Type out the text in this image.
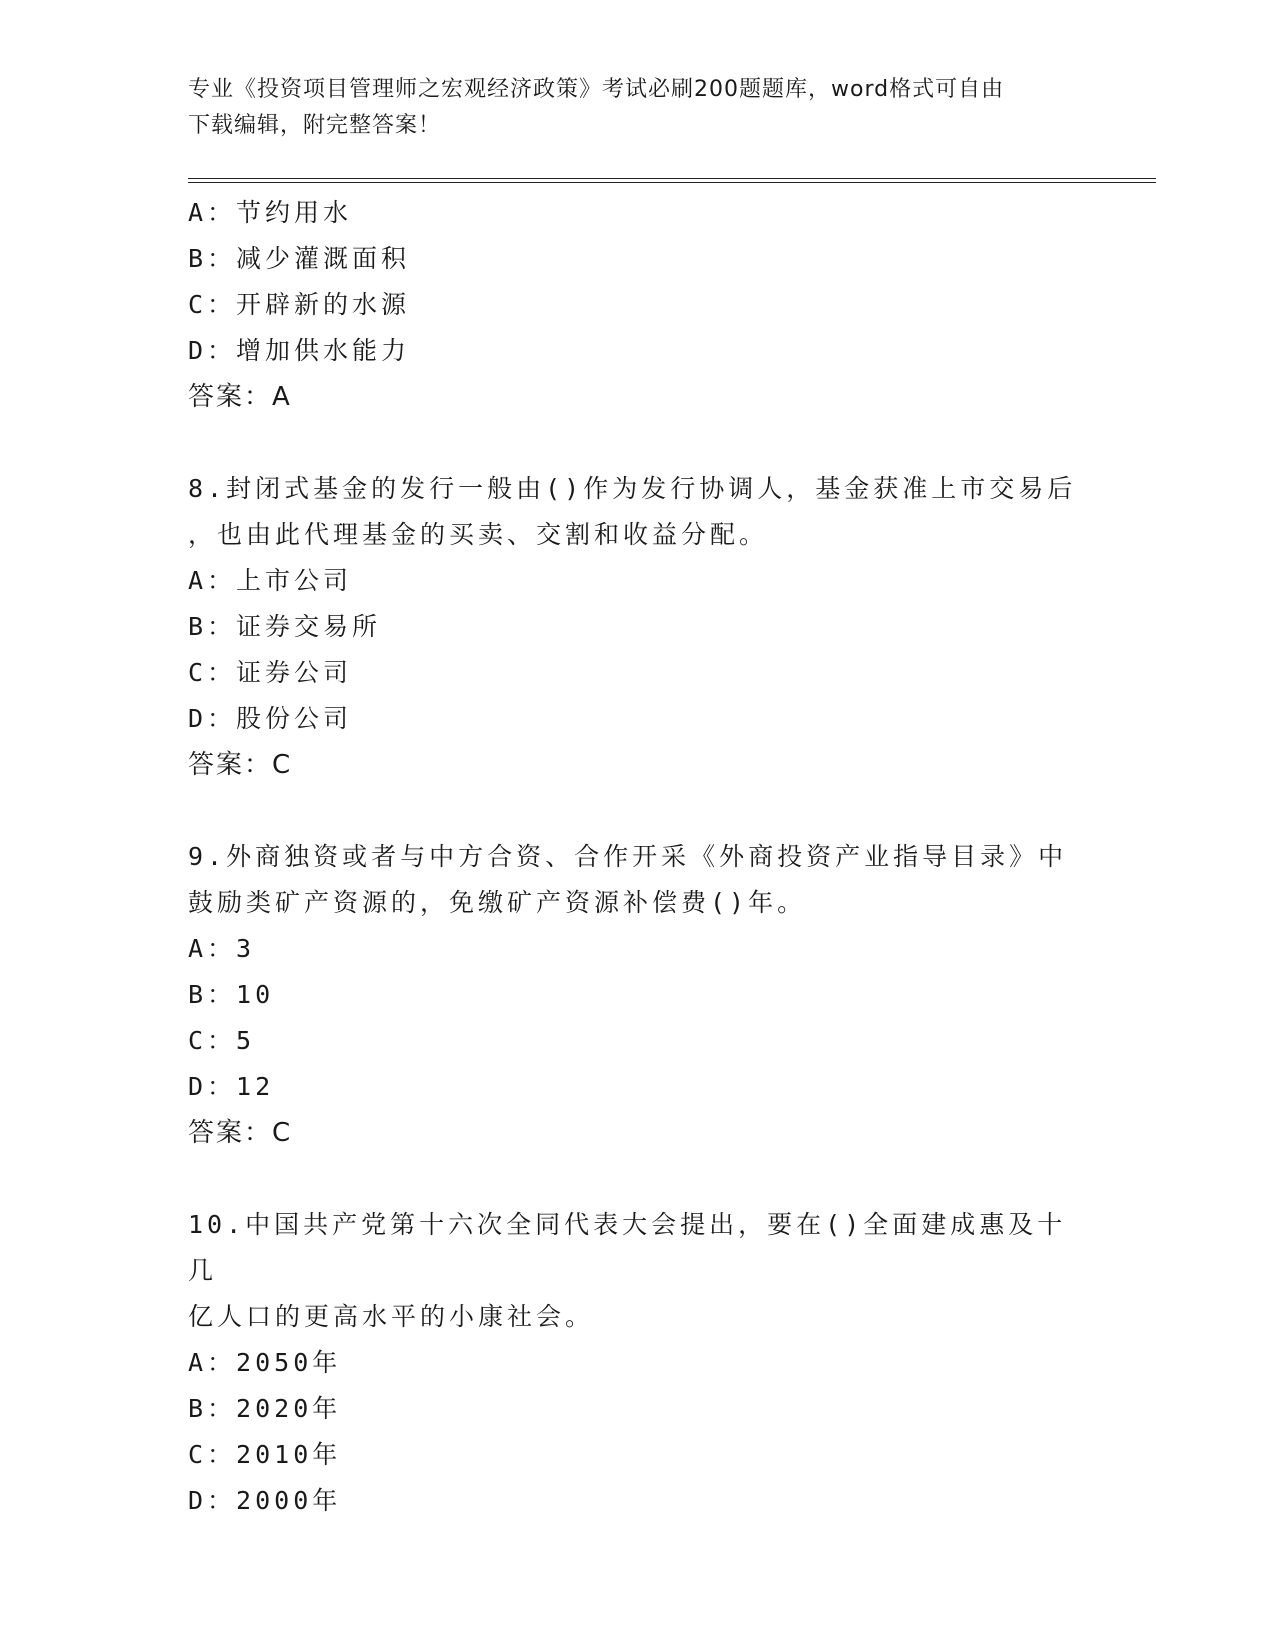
专业《投资项目管理师之宏观经济政策》考试必刷200题题库，word格式可自由
下载编辑，附完整答案！
A：节约用水
B：减少灌溉面积
C：开辟新的水源
D：增加供水能力
答案：A
8.封闭式基金的发行一般由()作为发行协调人，基金获准上市交易后
，也由此代理基金的买卖、交割和收益分配。
A：上市公司
B：证券交易所
C：证券公司
D：股份公司
答案：C
9.外商独资或者与中方合资、合作开采《外商投资产业指导目录》中
鼓励类矿产资源的，免缴矿产资源补偿费()年。
A：3
B：10
C：5
D：12
答案：C
10.中国共产党第十六次全同代表大会提出，要在()全面建成惠及十几
亿人口的更高水平的小康社会。
A：2050年
B：2020年
C：2010年
D：2000年
